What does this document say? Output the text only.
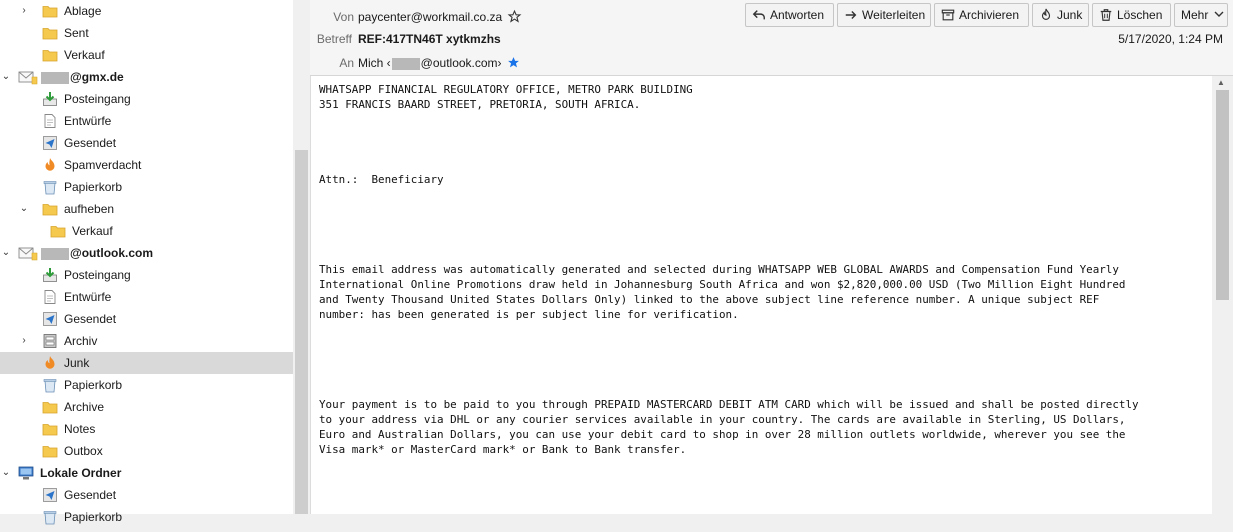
›	Ablage
Sent
Verkauf
⌄	@gmx.de
Posteingang
Entwürfe
Gesendet
Spamverdacht
Papierkorb
⌄	aufheben
Verkauf
⌄	@outlook.com
Posteingang
Entwürfe
Gesendet
›	Archiv
Junk
Papierkorb
Archive
Notes
Outbox
⌄ Lokale Ordner
Gesendet
Papierkorb
Von paycenter@workmail.co.za
Betreff REF:417TN46T xytkmzhs	5/17/2020, 1:24 PM
An Mich ‹	@outlook.com›
Antworten	Weiterleiten	Archivieren	Junk	Löschen	Mehr
WHATSAPP FINANCIAL REGULATORY OFFICE, METRO PARK BUILDING
351 FRANCIS BAARD STREET, PRETORIA, SOUTH AFRICA.

Attn.:  Beneficiary

This email address was automatically generated and selected during WHATSAPP WEB GLOBAL AWARDS and Compensation Fund Yearly
International Online Promotions draw held in Johannesburg South Africa and won $2,820,000.00 USD (Two Million Eight Hundred
and Twenty Thousand United States Dollars Only) linked to the above subject line reference number. A unique subject REF
number: has been generated is per subject line for verification.

Your payment is to be paid to you through PREPAID MASTERCARD DEBIT ATM CARD which will be issued and shall be posted directly
to your address via DHL or any courier services available in your country. The cards are available in Sterling, US Dollars,
Euro and Australian Dollars, you can use your debit card to shop in over 28 million outlets worldwide, wherever you see the
Visa mark* or MasterCard mark* or Bank to Bank transfer.
▲
